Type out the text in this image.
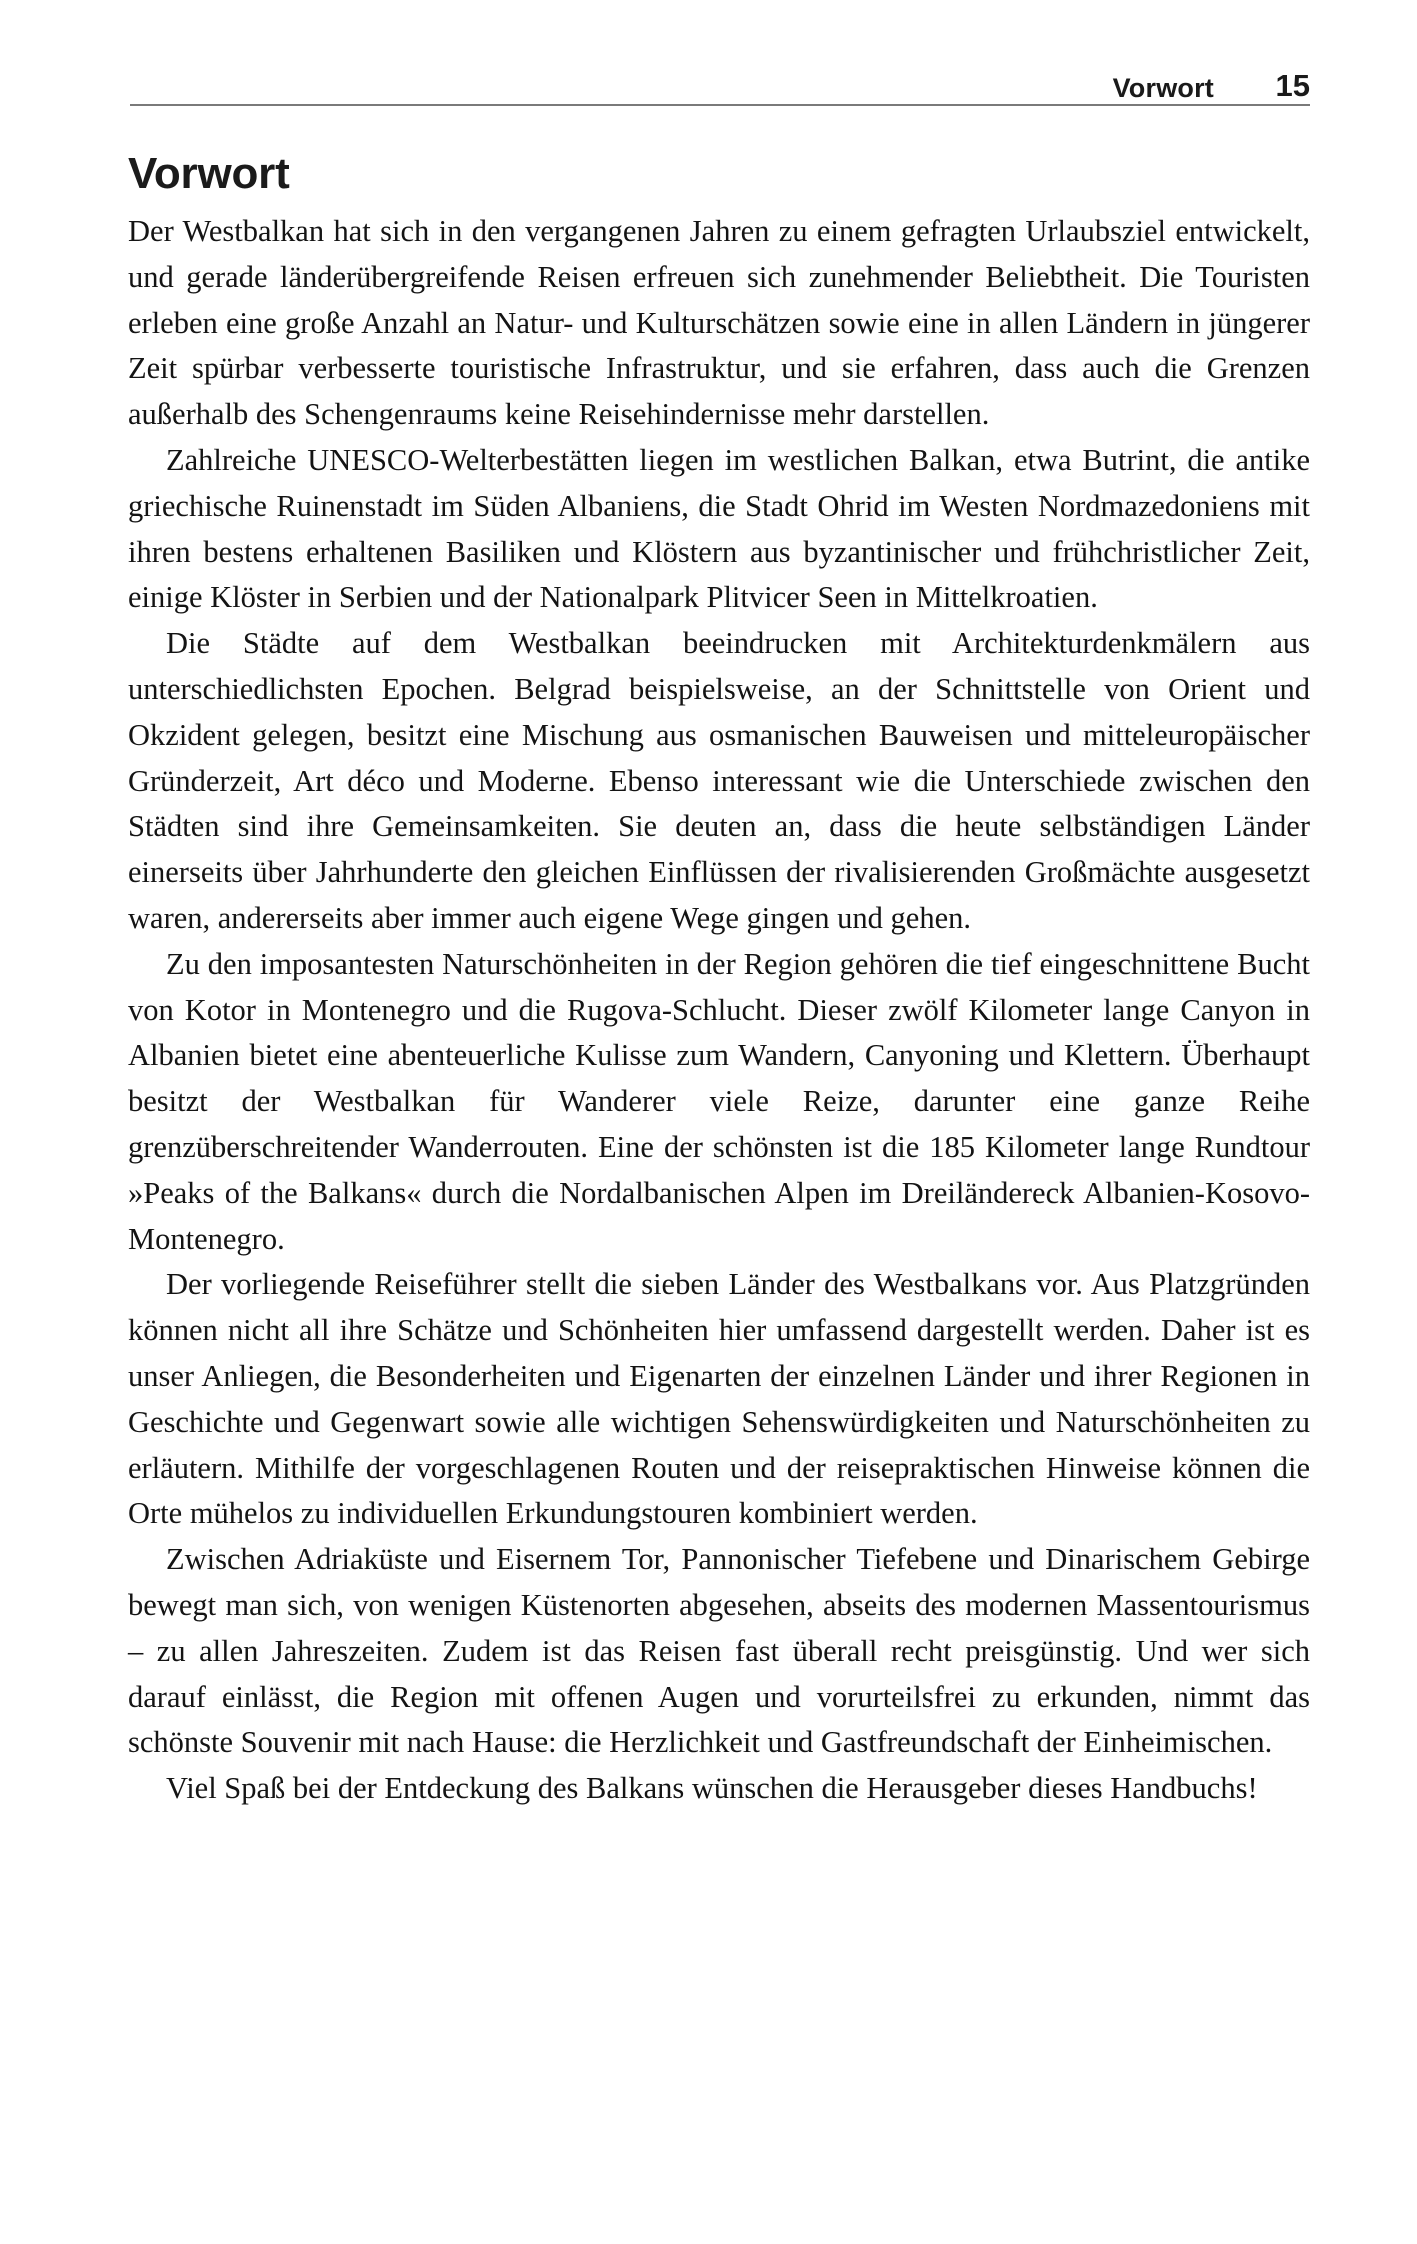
Vorwort	15
Vorwort

Der Westbalkan hat sich in den vergangenen Jahren zu einem gefragten Urlaubsziel entwickelt, und gerade länderübergreifende Reisen erfreuen sich zunehmender Beliebtheit. Die Touristen erleben eine große Anzahl an Natur- und Kulturschätzen sowie eine in allen Ländern in jüngerer Zeit spürbar verbesserte touristische Infrastruktur, und sie erfahren, dass auch die Grenzen außerhalb des Schengenraums keine Reisehindernisse mehr darstellen.

Zahlreiche UNESCO-Welterbestätten liegen im westlichen Balkan, etwa Butrint, die antike griechische Ruinenstadt im Süden Albaniens, die Stadt Ohrid im Westen Nordmazedoniens mit ihren bestens erhaltenen Basiliken und Klöstern aus byzantinischer und frühchristlicher Zeit, einige Klöster in Serbien und der Nationalpark Plitvicer Seen in Mittelkroatien.

Die Städte auf dem Westbalkan beeindrucken mit Architekturdenkmälern aus unterschiedlichsten Epochen. Belgrad beispielsweise, an der Schnittstelle von Orient und Okzident gelegen, besitzt eine Mischung aus osmanischen Bauweisen und mitteleuropäischer Gründerzeit, Art déco und Moderne. Ebenso interessant wie die Unterschiede zwischen den Städten sind ihre Gemeinsamkeiten. Sie deuten an, dass die heute selbständigen Länder einerseits über Jahrhunderte den gleichen Einflüssen der rivalisierenden Großmächte ausgesetzt waren, andererseits aber immer auch eigene Wege gingen und gehen.

Zu den imposantesten Naturschönheiten in der Region gehören die tief eingeschnittene Bucht von Kotor in Montenegro und die Rugova-Schlucht. Dieser zwölf Kilometer lange Canyon in Albanien bietet eine abenteuerliche Kulisse zum Wandern, Canyoning und Klettern. Überhaupt besitzt der Westbalkan für Wanderer viele Reize, darunter eine ganze Reihe grenzüberschreitender Wanderrouten. Eine der schönsten ist die 185 Kilometer lange Rundtour »Peaks of the Balkans« durch die Nordalbanischen Alpen im Dreiländereck Albanien-Kosovo-Montenegro.

Der vorliegende Reiseführer stellt die sieben Länder des Westbalkans vor. Aus Platzgründen können nicht all ihre Schätze und Schönheiten hier umfassend dargestellt werden. Daher ist es unser Anliegen, die Besonderheiten und Eigenarten der einzelnen Länder und ihrer Regionen in Geschichte und Gegenwart sowie alle wichtigen Sehenswürdigkeiten und Naturschönheiten zu erläutern. Mithilfe der vorgeschlagenen Routen und der reisepraktischen Hinweise können die Orte mühelos zu individuellen Erkundungstouren kombiniert werden.

Zwischen Adriaküste und Eisernem Tor, Pannonischer Tiefebene und Dinarischem Gebirge bewegt man sich, von wenigen Küstenorten abgesehen, abseits des modernen Massentourismus – zu allen Jahreszeiten. Zudem ist das Reisen fast überall recht preisgünstig. Und wer sich darauf einlässt, die Region mit offenen Augen und vorurteilsfrei zu erkunden, nimmt das schönste Souvenir mit nach Hause: die Herzlichkeit und Gastfreundschaft der Einheimischen.

Viel Spaß bei der Entdeckung des Balkans wünschen die Herausgeber dieses Handbuchs!
